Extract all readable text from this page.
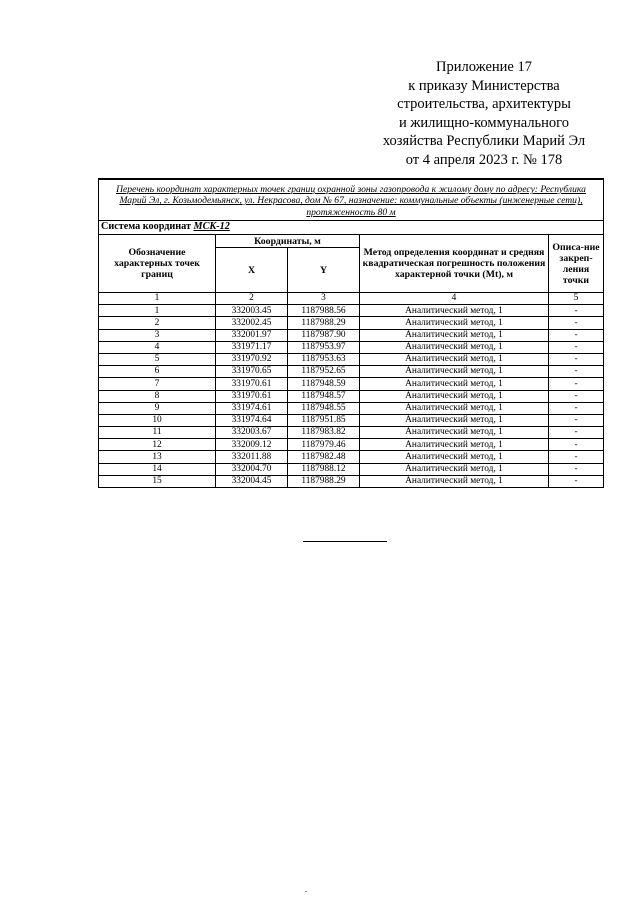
Приложение 17
к приказу Министерства
строительства, архитектуры
и жилищно-коммунального
хозяйства Республики Марий Эл
от 4 апреля 2023 г. № 178
Перечень координат характерных точек границ охранной зоны газопровода к жилому дому по адресу: Республика Марий Эл, г. Козьмодемьянск, ул. Некрасова, дом № 67, назначение: коммунальные объекты (инженерные сети), протяженность 80 м				
Система координат МСК-12				
Обозначение характерных точек границ	Координаты, м		Метод определения координат и средняя квадратическая погрешность положения характерной точки (Mt), м	Описа-ние закреп-ления точки
	X	Y		
1	2	3	4	5
1	332003.45	1187988.56	Аналитический метод, 1	-
2	332002.45	1187988.29	Аналитический метод, 1	-
3	332001.97	1187987.90	Аналитический метод, 1	-
4	331971.17	1187953.97	Аналитический метод, 1	-
5	331970.92	1187953.63	Аналитический метод, 1	-
6	331970.65	1187952.65	Аналитический метод, 1	-
7	331970.61	1187948.59	Аналитический метод, 1	-
8	331970.61	1187948.57	Аналитический метод, 1	-
9	331974.61	1187948.55	Аналитический метод, 1	-
10	331974.64	1187951.85	Аналитический метод, 1	-
11	332003.67	1187983.82	Аналитический метод, 1	-
12	332009.12	1187979.46	Аналитический метод, 1	-
13	332011.88	1187982.48	Аналитический метод, 1	-
14	332004.70	1187988.12	Аналитический метод, 1	-
15	332004.45	1187988.29	Аналитический метод, 1	-
